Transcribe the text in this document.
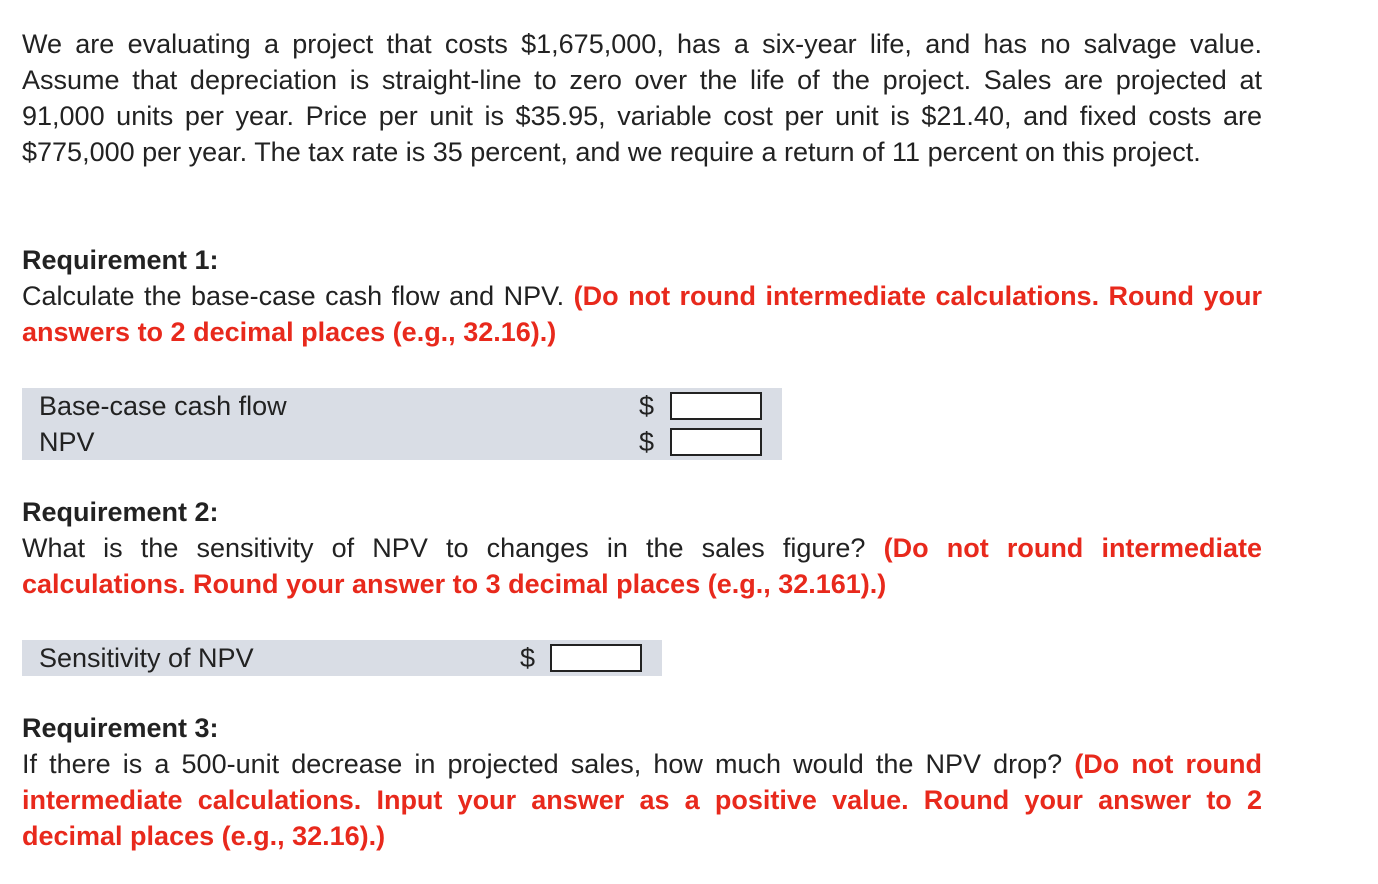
We are evaluating a project that costs $1,675,000, has a six-year life, and has no salvage value. Assume that depreciation is straight-line to zero over the life of the project. Sales are projected at 91,000 units per year. Price per unit is $35.95, variable cost per unit is $21.40, and fixed costs are $775,000 per year. The tax rate is 35 percent, and we require a return of 11 percent on this project.

Requirement 1:

Calculate the base-case cash flow and NPV. (Do not round intermediate calculations. Round your answers to 2 decimal places (e.g., 32.16).)

Base-case cash flow	$
NPV	$

Requirement 2:

What is the sensitivity of NPV to changes in the sales figure? (Do not round intermediate calculations. Round your answer to 3 decimal places (e.g., 32.161).)

Sensitivity of NPV	$

Requirement 3:

If there is a 500-unit decrease in projected sales, how much would the NPV drop? (Do not round intermediate calculations. Input your answer as a positive value. Round your answer to 2 decimal places (e.g., 32.16).)
